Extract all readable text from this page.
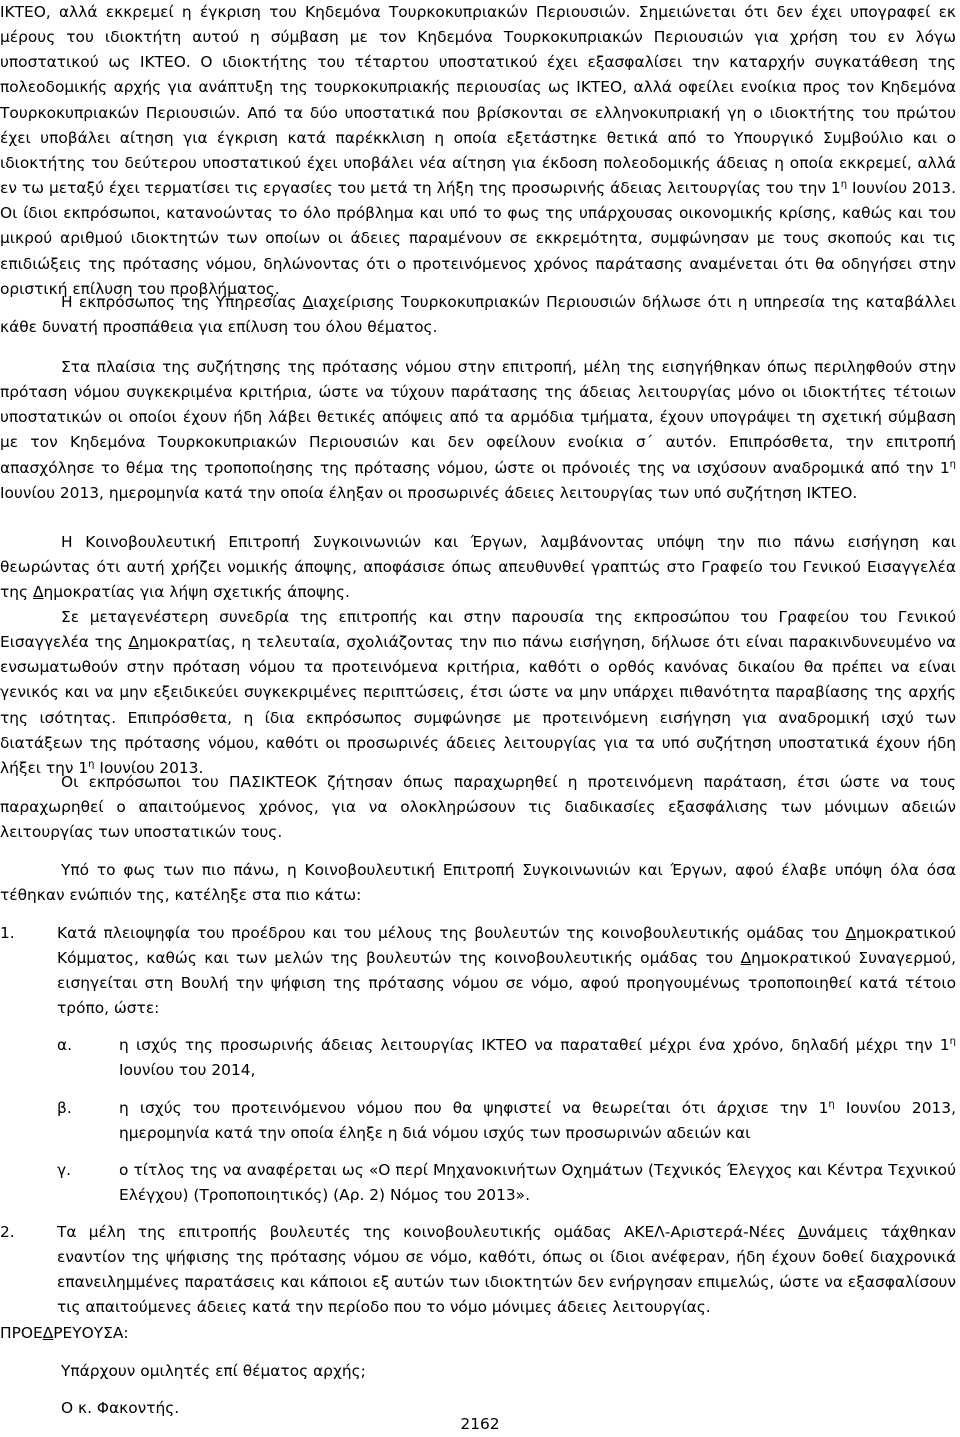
ΙΚΤΕΟ, αλλά εκκρεμεί η έγκριση του Κηδεμόνα Τουρκοκυπριακών Περιουσιών. Σημειώνεται ότι δεν έχει υπογραφεί εκ μέρους του ιδιοκτήτη αυτού η σύμβαση με τον Κηδεμόνα Τουρκοκυπριακών Περιουσιών για χρήση του εν λόγω υποστατικού ως ΙΚΤΕΟ. Ο ιδιοκτήτης του τέταρτου υποστατικού έχει εξασφαλίσει την καταρχήν συγκατάθεση της πολεοδομικής αρχής για ανάπτυξη της τουρκοκυπριακής περιουσίας ως ΙΚΤΕΟ, αλλά οφείλει ενοίκια προς τον Κηδεμόνα Τουρκοκυπριακών Περιουσιών. Από τα δύο υποστατικά που βρίσκονται σε ελληνοκυπριακή γη ο ιδιοκτήτης του πρώτου έχει υποβάλει αίτηση για έγκριση κατά παρέκκλιση η οποία εξετάστηκε θετικά από το Υπουργικό Συμβούλιο και ο ιδιοκτήτης του δεύτερου υποστατικού έχει υποβάλει νέα αίτηση για έκδοση πολεοδομικής άδειας η οποία εκκρεμεί, αλλά εν τω μεταξύ έχει τερματίσει τις εργασίες του μετά τη λήξη της προσωρινής άδειας λειτουργίας του την $1^\eta$ Ιουνίου 2013. Οι ίδιοι εκπρόσωποι, κατανοώντας το όλο πρόβλημα και υπό το φως της υπάρχουσας οικονομικής κρίσης, καθώς και του μικρού αριθμού ιδιοκτητών των οποίων οι άδειες παραμένουν σε εκκρεμότητα, συμφώνησαν με τους σκοπούς και τις επιδιώξεις της πρότασης νόμου, δηλώνοντας ότι ο προτεινόμενος χρόνος παράτασης αναμένεται ότι θα οδηγήσει στην οριστική επίλυση του προβλήματος.

Η εκπρόσωπος της Υπηρεσίας Διαχείρισης Τουρκοκυπριακών Περιουσιών δήλωσε ότι η υπηρεσία της καταβάλλει κάθε δυνατή προσπάθεια για επίλυση του όλου θέματος.

Στα πλαίσια της συζήτησης της πρότασης νόμου στην επιτροπή, μέλη της εισηγήθηκαν όπως περιληφθούν στην πρόταση νόμου συγκεκριμένα κριτήρια, ώστε να τύχουν παράτασης της άδειας λειτουργίας μόνο οι ιδιοκτήτες τέτοιων υποστατικών οι οποίοι έχουν ήδη λάβει θετικές απόψεις από τα αρμόδια τμήματα, έχουν υπογράψει τη σχετική σύμβαση με τον Κηδεμόνα Τουρκοκυπριακών Περιουσιών και δεν οφείλουν ενοίκια σ΄ αυτόν. Επιπρόσθετα, την επιτροπή απασχόλησε το θέμα της τροποποίησης της πρότασης νόμου, ώστε οι πρόνοιές της να ισχύσουν αναδρομικά από την $1^\eta$ Ιουνίου 2013, ημερομηνία κατά την οποία έληξαν οι προσωρινές άδειες λειτουργίας των υπό συζήτηση ΙΚΤΕΟ.

Η Κοινοβουλευτική Επιτροπή Συγκοινωνιών και Έργων, λαμβάνοντας υπόψη την πιο πάνω εισήγηση και θεωρώντας ότι αυτή χρήζει νομικής άποψης, αποφάσισε όπως απευθυνθεί γραπτώς στο Γραφείο του Γενικού Εισαγγελέα της Δημοκρατίας για λήψη σχετικής άποψης.

Σε μεταγενέστερη συνεδρία της επιτροπής και στην παρουσία της εκπροσώπου του Γραφείου του Γενικού Εισαγγελέα της Δημοκρατίας, η τελευταία, σχολιάζοντας την πιο πάνω εισήγηση, δήλωσε ότι είναι παρακινδυνευμένο να ενσωματωθούν στην πρόταση νόμου τα προτεινόμενα κριτήρια, καθότι ο ορθός κανόνας δικαίου θα πρέπει να είναι γενικός και να μην εξειδικεύει συγκεκριμένες περιπτώσεις, έτσι ώστε να μην υπάρχει πιθανότητα παραβίασης της αρχής της ισότητας. Επιπρόσθετα, η ίδια εκπρόσωπος συμφώνησε με προτεινόμενη εισήγηση για αναδρομική ισχύ των διατάξεων της πρότασης νόμου, καθότι οι προσωρινές άδειες λειτουργίας για τα υπό συζήτηση υποστατικά έχουν ήδη λήξει την $1^\eta$ Ιουνίου 2013.

Οι εκπρόσωποι του ΠΑΣΙΚΤΕΟΚ ζήτησαν όπως παραχωρηθεί η προτεινόμενη παράταση, έτσι ώστε να τους παραχωρηθεί ο απαιτούμενος χρόνος, για να ολοκληρώσουν τις διαδικασίες εξασφάλισης των μόνιμων αδειών λειτουργίας των υποστατικών τους.

Υπό το φως των πιο πάνω, η Κοινοβουλευτική Επιτροπή Συγκοινωνιών και Έργων, αφού έλαβε υπόψη όλα όσα τέθηκαν ενώπιόν της, κατέληξε στα πιο κάτω:

1.	Κατά πλειοψηφία του προέδρου και του μέλους της βουλευτών της κοινοβουλευτικής ομάδας του Δημοκρατικού Κόμματος, καθώς και των μελών της βουλευτών της κοινοβουλευτικής ομάδας του Δημοκρατικού Συναγερμού, εισηγείται στη Βουλή την ψήφιση της πρότασης νόμου σε νόμο, αφού προηγουμένως τροποποιηθεί κατά τέτοιο τρόπο, ώστε:

α.	η ισχύς της προσωρινής άδειας λειτουργίας ΙΚΤΕΟ να παραταθεί μέχρι ένα χρόνο, δηλαδή μέχρι την $1^\eta$ Ιουνίου του 2014,

β.	η ισχύς του προτεινόμενου νόμου που θα ψηφιστεί να θεωρείται ότι άρχισε την $1^\eta$ Ιουνίου 2013, ημερομηνία κατά την οποία έληξε η διά νόμου ισχύς των προσωρινών αδειών και

γ.	ο τίτλος της να αναφέρεται ως «Ο περί Μηχανοκινήτων Οχημάτων (Τεχνικός Έλεγχος και Κέντρα Τεχνικού Ελέγχου) (Τροποποιητικός) (Αρ. 2) Νόμος του 2013».

2.	Τα μέλη της επιτροπής βουλευτές της κοινοβουλευτικής ομάδας ΑΚΕΛ-Αριστερά-Νέες Δυνάμεις τάχθηκαν εναντίον της ψήφισης της πρότασης νόμου σε νόμο, καθότι, όπως οι ίδιοι ανέφεραν, ήδη έχουν δοθεί διαχρονικά επανειλημμένες παρατάσεις και κάποιοι εξ αυτών των ιδιοκτητών δεν ενήργησαν επιμελώς, ώστε να εξασφαλίσουν τις απαιτούμενες άδειες κατά την περίοδο που το νόμο μόνιμες άδειες λειτουργίας.

ΠΡΟΕΔΡΕΥΟΥΣΑ:

Υπάρχουν ομιλητές επί θέματος αρχής;

Ο κ. Φακοντής.

2162
